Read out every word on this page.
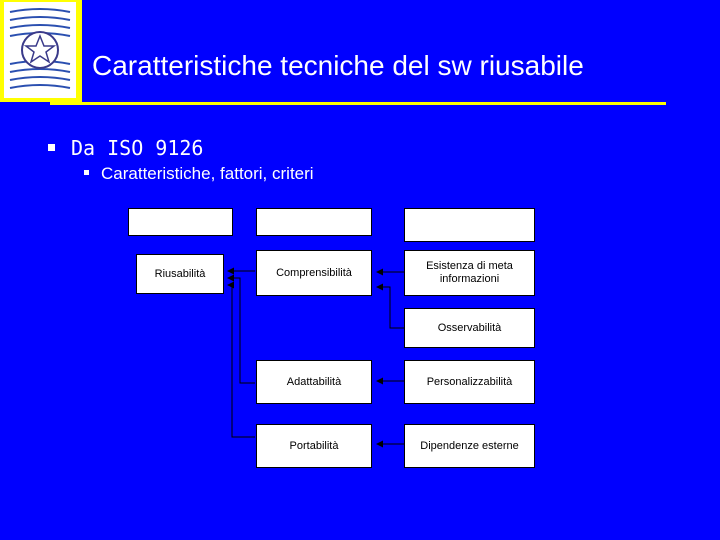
Caratteristiche tecniche del sw riusabile
Da ISO 9126
Caratteristiche, fattori, criteri
Caratteristica	Fattore	Criterio
Riusabilità	Comprensibilità
Adattabilità
Portabilità
Esistenza di meta informazioni
Osservabilità
Personalizzabilità
Dipendenze esterne
